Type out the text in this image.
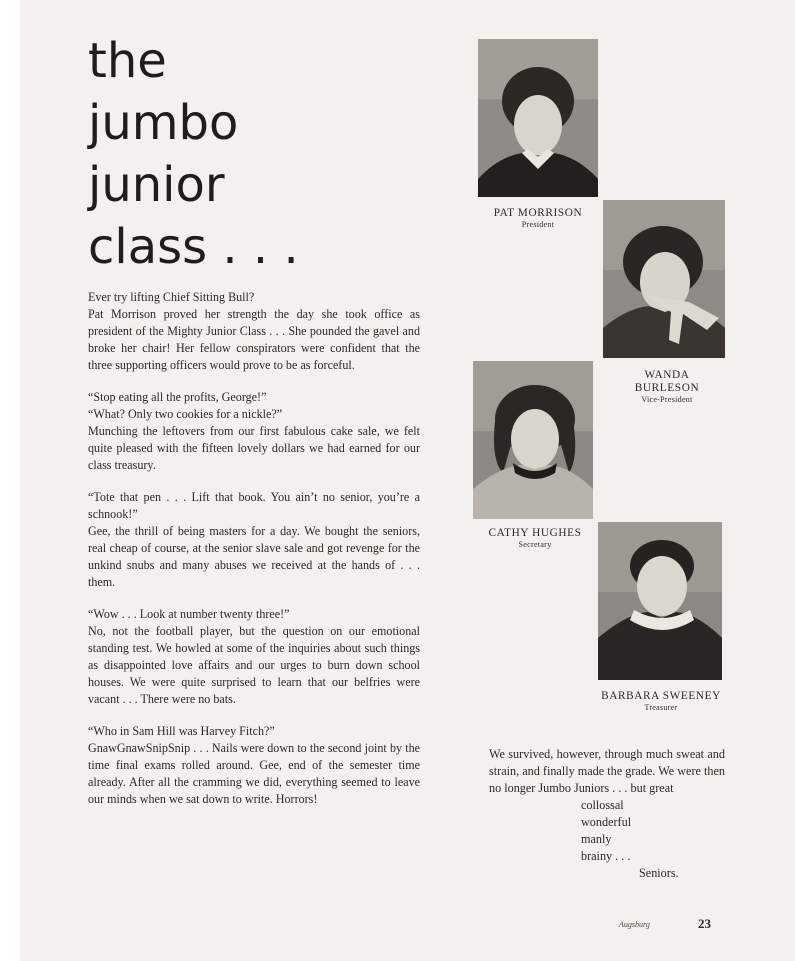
the
jumbo
junior
class . . .

Ever try lifting Chief Sitting Bull?
Pat Morrison proved her strength the day she took office as president of the Mighty Junior Class . . . She pounded the gavel and broke her chair! Her fellow conspirators were confident that the three supporting officers would prove to be as forceful.

“Stop eating all the profits, George!”
“What? Only two cookies for a nickle?”
Munching the leftovers from our first fabulous cake sale, we felt quite pleased with the fifteen lovely dollars we had earned for our class treasury.

“Tote that pen . . . Lift that book. You ain’t no senior, you’re a schnook!”
Gee, the thrill of being masters for a day. We bought the seniors, real cheap of course, at the senior slave sale and got revenge for the unkind snubs and many abuses we received at the hands of . . . them.

“Wow . . . Look at number twenty three!”
No, not the football player, but the question on our emotional standing test. We howled at some of the inquiries about such things as disappointed love affairs and our urges to burn down school houses. We were quite surprised to learn that our belfries were vacant . . . There were no bats.

“Who in Sam Hill was Harvey Fitch?”
GnawGnawSnipSnip . . . Nails were down to the second joint by the time final exams rolled around. Gee, end of the semester time already. After all the cramming we did, everything seemed to leave our minds when we sat down to write. Horrors!

PAT MORRISON
President
WANDA
BURLESON
Vice-President
CATHY HUGHES
Secretary
BARBARA SWEENEY
Treasurer
We survived, however, through much sweat and strain, and finally made the grade. We were then no longer Jumbo Juniors . . . but great
collossal
wonderful
manly
brainy . . .
Seniors.
Augsburg	23
